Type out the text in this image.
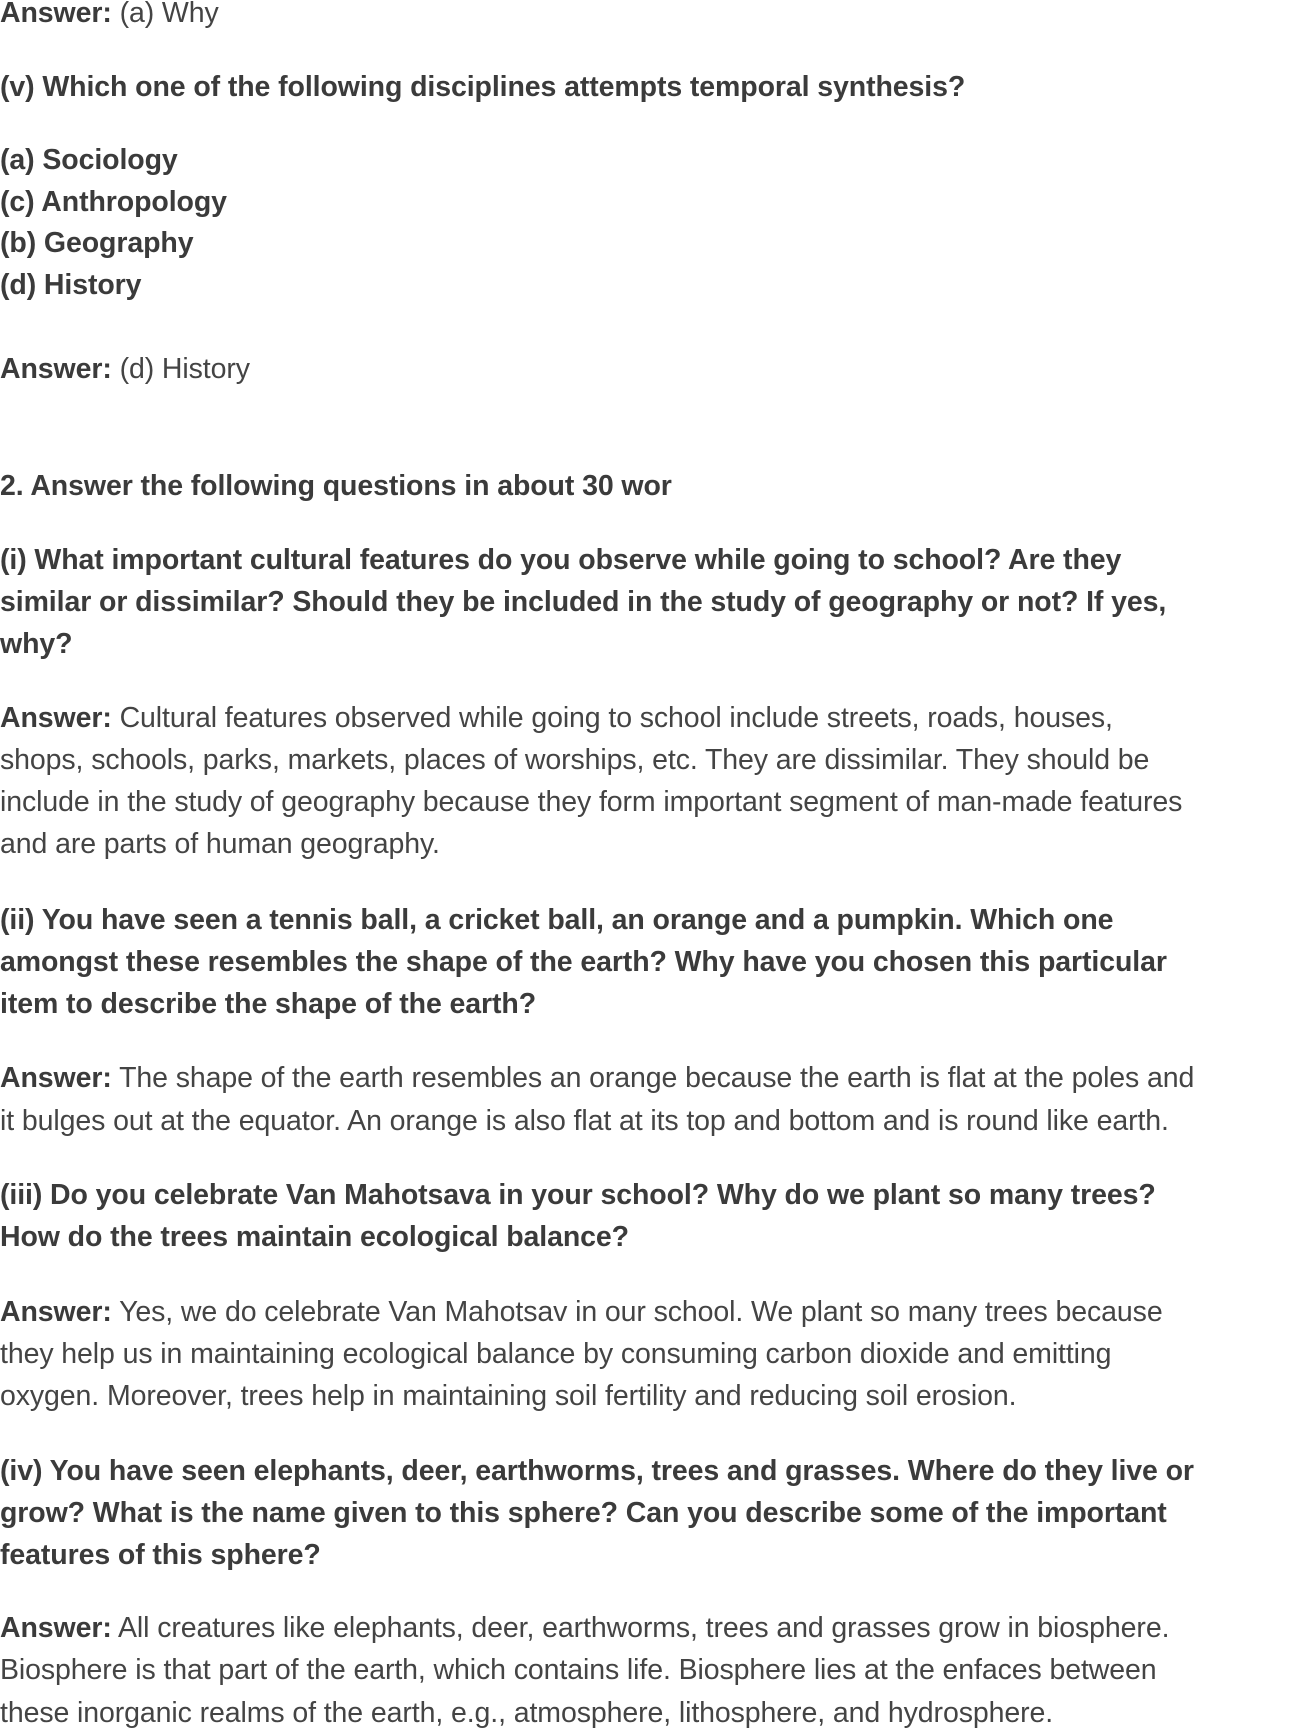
Answer: (a) Why
(v) Which one of the following disciplines attempts temporal synthesis?
(a) Sociology
(c) Anthropology
(b) Geography
(d) History
Answer: (d) History
2. Answer the following questions in about 30 wor
(i) What important cultural features do you observe while going to school? Are they
similar or dissimilar? Should they be included in the study of geography or not? If yes,
why?
Answer: Cultural features observed while going to school include streets, roads, houses,
shops, schools, parks, markets, places of worships, etc. They are dissimilar. They should be
include in the study of geography because they form important segment of man-made features
and are parts of human geography.
(ii) You have seen a tennis ball, a cricket ball, an orange and a pumpkin. Which one
amongst these resembles the shape of the earth? Why have you chosen this particular
item to describe the shape of the earth?
Answer: The shape of the earth resembles an orange because the earth is flat at the poles and
it bulges out at the equator. An orange is also flat at its top and bottom and is round like earth.
(iii) Do you celebrate Van Mahotsava in your school? Why do we plant so many trees?
How do the trees maintain ecological balance?
Answer: Yes, we do celebrate Van Mahotsav in our school. We plant so many trees because
they help us in maintaining ecological balance by consuming carbon dioxide and emitting
oxygen. Moreover, trees help in maintaining soil fertility and reducing soil erosion.
(iv) You have seen elephants, deer, earthworms, trees and grasses. Where do they live or
grow? What is the name given to this sphere? Can you describe some of the important
features of this sphere?
Answer: All creatures like elephants, deer, earthworms, trees and grasses grow in biosphere.
Biosphere is that part of the earth, which contains life. Biosphere lies at the enfaces between
these inorganic realms of the earth, e.g., atmosphere, lithosphere, and hydrosphere.
